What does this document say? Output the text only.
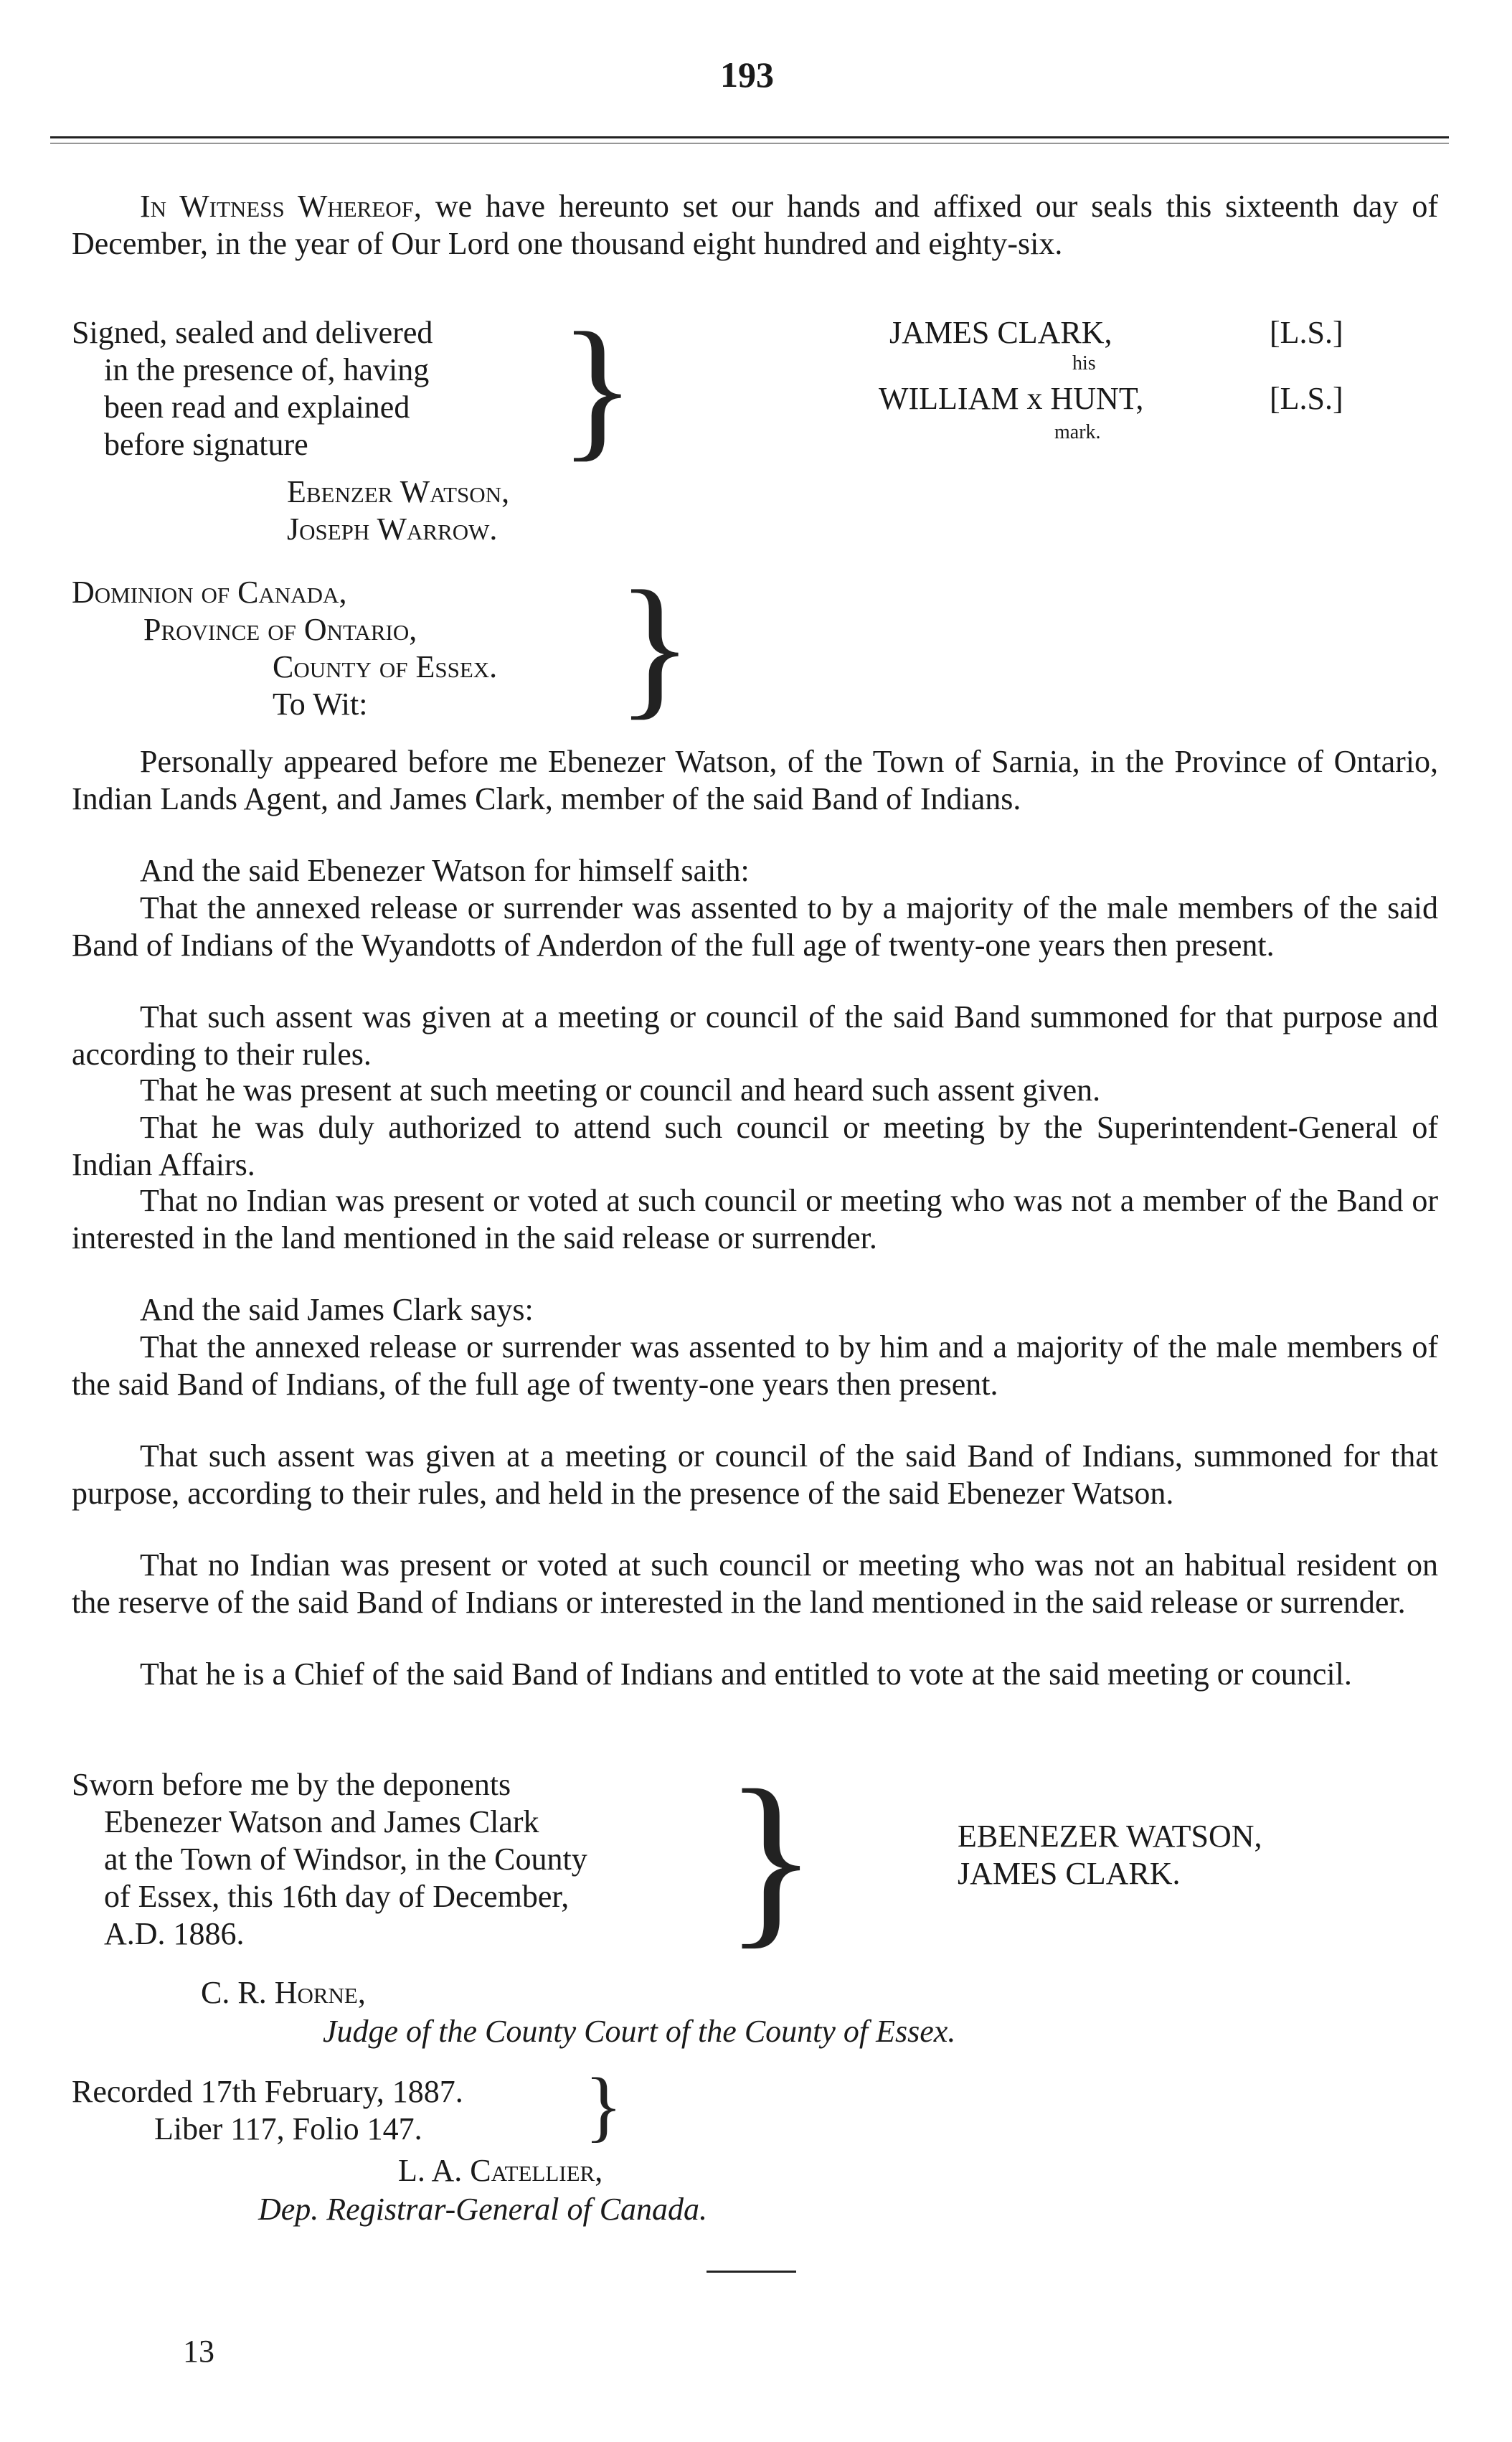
193
In Witness Whereof, we have hereunto set our hands and affixed our seals this sixteenth day of December, in the year of Our Lord one thousand eight hundred and eighty-six.
Signed, sealed and delivered
in the presence of, having
been read and explained
before signature }
Ebenzer Watson,
Joseph Warrow.
JAMES CLARK,	[L.S.]
his
WILLIAM x HUNT,	[L.S.]
mark.
Dominion of Canada,
Province of Ontario,
County of Essex.
To Wit: }
Personally appeared before me Ebenezer Watson, of the Town of Sarnia, in the Province of Ontario, Indian Lands Agent, and James Clark, member of the said Band of Indians.
And the said Ebenezer Watson for himself saith:
That the annexed release or surrender was assented to by a majority of the male members of the said Band of Indians of the Wyandotts of Anderdon of the full age of twenty-one years then present.
That such assent was given at a meeting or council of the said Band summoned for that purpose and according to their rules.
That he was present at such meeting or council and heard such assent given.
That he was duly authorized to attend such council or meeting by the Superintendent-General of Indian Affairs.
That no Indian was present or voted at such council or meeting who was not a member of the Band or interested in the land mentioned in the said release or surrender.
And the said James Clark says:
That the annexed release or surrender was assented to by him and a majority of the male members of the said Band of Indians, of the full age of twenty-one years then present.
That such assent was given at a meeting or council of the said Band of Indians, summoned for that purpose, according to their rules, and held in the presence of the said Ebenezer Watson.
That no Indian was present or voted at such council or meeting who was not an habitual resident on the reserve of the said Band of Indians or interested in the land mentioned in the said release or surrender.
That he is a Chief of the said Band of Indians and entitled to vote at the said meeting or council.
Sworn before me by the deponents
Ebenezer Watson and James Clark
at the Town of Windsor, in the County
of Essex, this 16th day of December,
A.D. 1886. }	EBENEZER WATSON,
JAMES CLARK.
C. R. Horne,
Judge of the County Court of the County of Essex.
Recorded 17th February, 1887.
Liber 117, Folio 147. }
L. A. Catellier,
Dep. Registrar-General of Canada.
13
